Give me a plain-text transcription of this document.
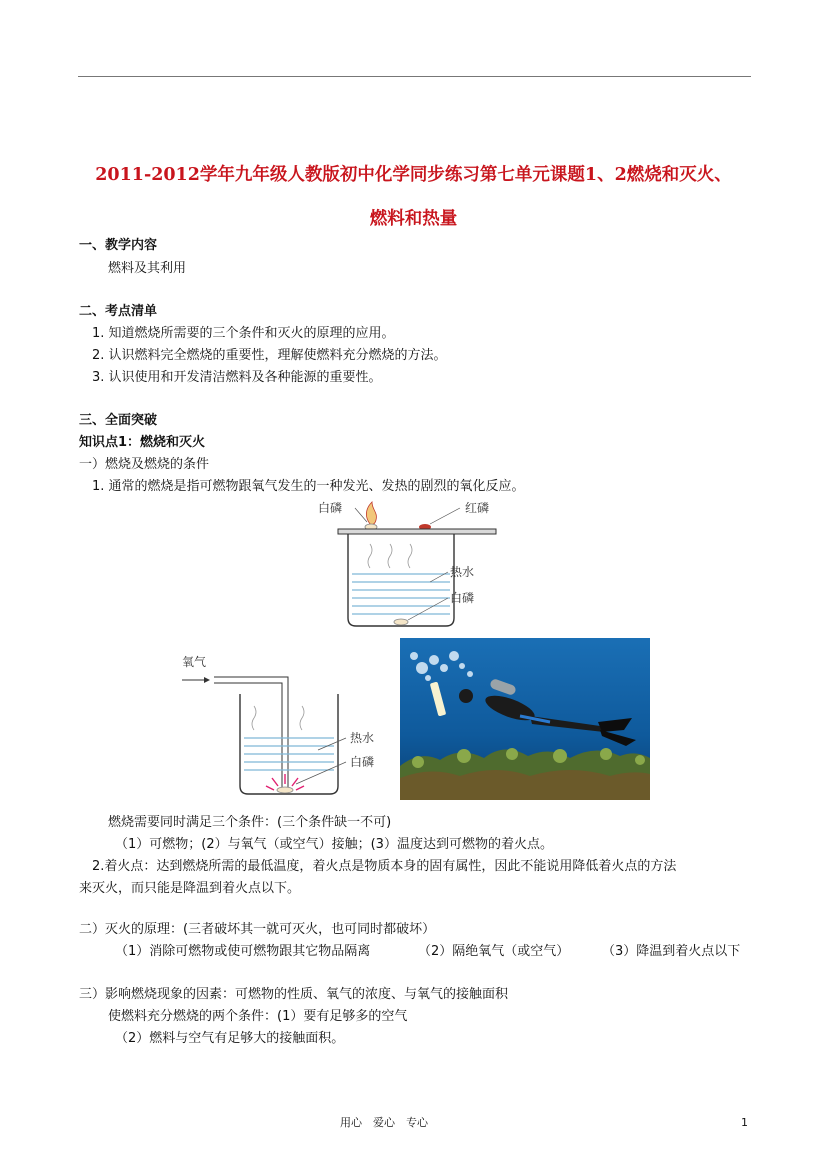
2011-2012学年九年级人教版初中化学同步练习第七单元课题1、2燃烧和灭火、
燃料和热量
一、教学内容
燃料及其利用
二、考点清单
1. 知道燃烧所需要的三个条件和灭火的原理的应用。
2. 认识燃料完全燃烧的重要性，理解使燃料充分燃烧的方法。
3. 认识使用和开发清洁燃料及各种能源的重要性。
三、全面突破
知识点1：燃烧和灭火
一）燃烧及燃烧的条件
1. 通常的燃烧是指可燃物跟氧气发生的一种发光、发热的剧烈的氧化反应。
白磷	红磷
热水
白磷
氧气
热水
白磷
燃烧需要同时满足三个条件：(三个条件缺一不可)
（1）可燃物；(2）与氧气（或空气）接触；(3）温度达到可燃物的着火点。
2.着火点：达到燃烧所需的最低温度，着火点是物质本身的固有属性，因此不能说用降低着火点的方法
来灭火，而只能是降温到着火点以下。
二）灭火的原理：(三者破坏其一就可灭火，也可同时都破坏）
（1）消除可燃物或使可燃物跟其它物品隔离	（2）隔绝氧气（或空气）	（3）降温到着火点以下
三）影响燃烧现象的因素：可燃物的性质、氧气的浓度、与氧气的接触面积
使燃料充分燃烧的两个条件：(1）要有足够多的空气
（2）燃料与空气有足够大的接触面积。
用心　爱心　专心	1
